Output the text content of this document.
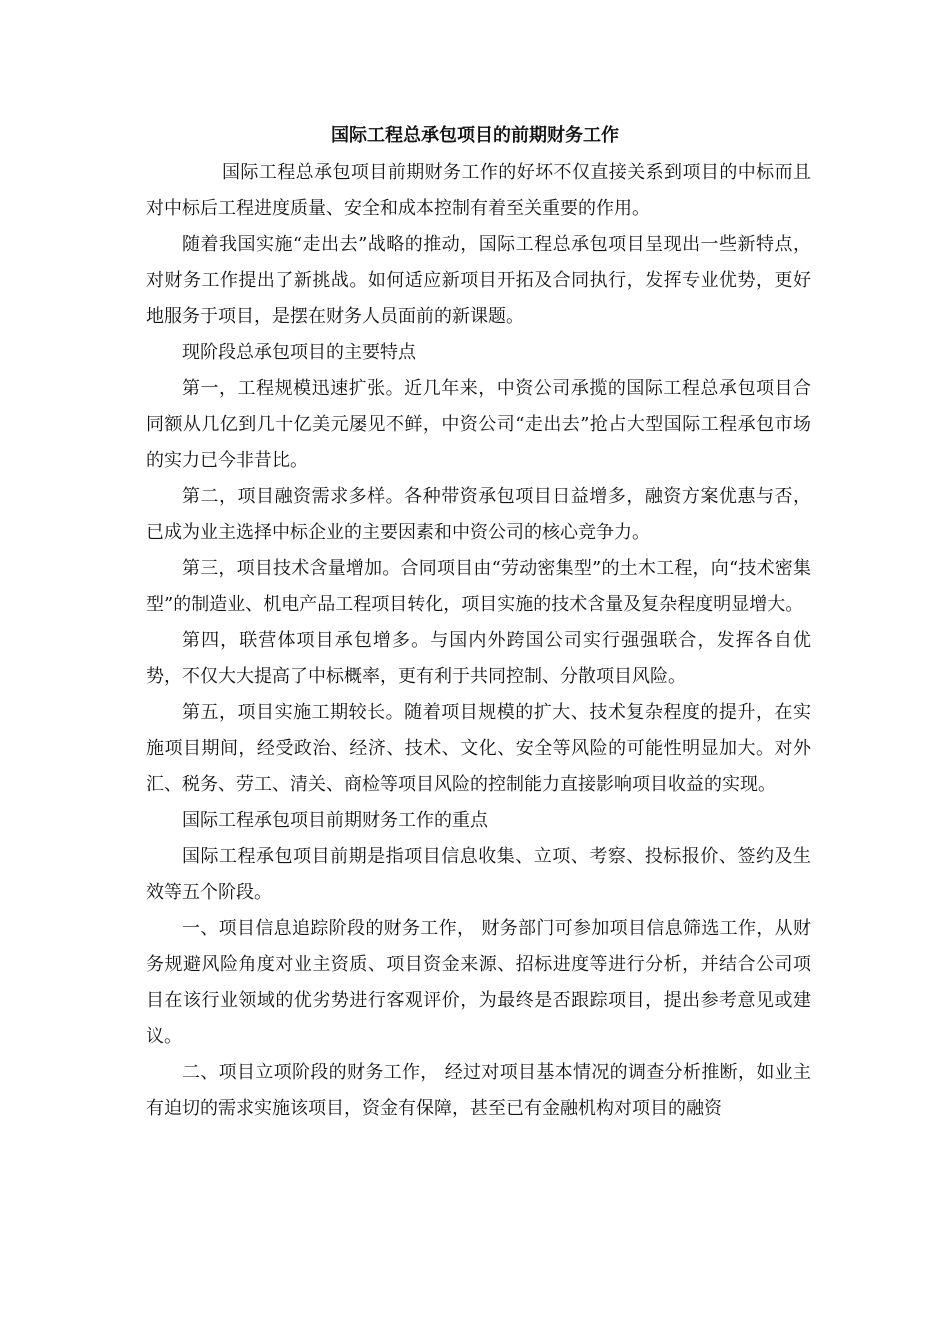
国际工程总承包项目的前期财务工作

国际工程总承包项目前期财务工作的好坏不仅直接关系到项目的中标而且对中标后工程进度质量、安全和成本控制有着至关重要的作用。

随着我国实施“走出去”战略的推动，国际工程总承包项目呈现出一些新特点，对财务工作提出了新挑战。如何适应新项目开拓及合同执行，发挥专业优势，更好地服务于项目，是摆在财务人员面前的新课题。

现阶段总承包项目的主要特点

第一，工程规模迅速扩张。近几年来，中资公司承揽的国际工程总承包项目合同额从几亿到几十亿美元屡见不鲜，中资公司“走出去”抢占大型国际工程承包市场的实力已今非昔比。

第二，项目融资需求多样。各种带资承包项目日益增多，融资方案优惠与否，已成为业主选择中标企业的主要因素和中资公司的核心竞争力。

第三，项目技术含量增加。合同项目由“劳动密集型”的土木工程，向“技术密集型”的制造业、机电产品工程项目转化，项目实施的技术含量及复杂程度明显增大。

第四，联营体项目承包增多。与国内外跨国公司实行强强联合，发挥各自优势，不仅大大提高了中标概率，更有利于共同控制、分散项目风险。

第五，项目实施工期较长。随着项目规模的扩大、技术复杂程度的提升，在实施项目期间，经受政治、经济、技术、文化、安全等风险的可能性明显加大。对外汇、税务、劳工、清关、商检等项目风险的控制能力直接影响项目收益的实现。

国际工程承包项目前期财务工作的重点

国际工程承包项目前期是指项目信息收集、立项、考察、投标报价、签约及生效等五个阶段。

一、项目信息追踪阶段的财务工作， 财务部门可参加项目信息筛选工作，从财务规避风险角度对业主资质、项目资金来源、招标进度等进行分析，并结合公司项目在该行业领域的优劣势进行客观评价，为最终是否跟踪项目，提出参考意见或建议。

二、项目立项阶段的财务工作， 经过对项目基本情况的调查分析推断，如业主有迫切的需求实施该项目，资金有保障，甚至已有金融机构对项目的融资
